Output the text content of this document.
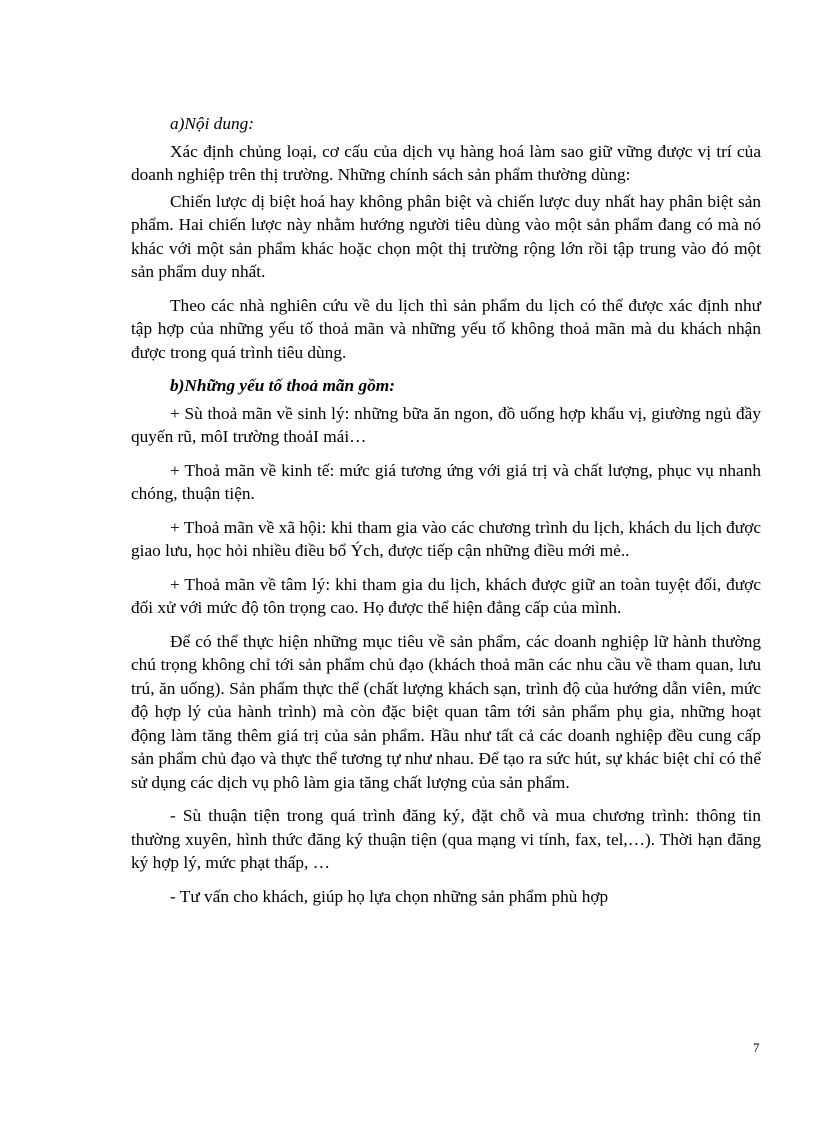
a)Nội dung:

Xác định chủng loại, cơ cấu của dịch vụ hàng hoá làm sao giữ vững được vị trí của doanh nghiệp trên thị trường. Những chính sách sản phẩm thường dùng:

Chiến lược dị biệt hoá hay không phân biệt và chiến lược duy nhất hay phân biệt sản phẩm. Hai chiến lược này nhằm hướng người tiêu dùng vào một sản phẩm đang có mà nó khác với một sản phẩm khác hoặc chọn một thị trường rộng lớn rồi tập trung vào đó một sản phẩm duy nhất.

Theo các nhà nghiên cứu về du lịch thì sản phẩm du lịch có thể được xác định như tập hợp của những yếu tố thoả mãn và những yếu tố không thoả mãn mà du khách nhận được trong quá trình tiêu dùng.

b)Những yếu tố thoả mãn gồm:

+ Sù thoả mãn về sinh lý: những bữa ăn ngon, đồ uống hợp khẩu vị, giường ngủ đầy quyến rũ, môI trường thoảI mái…

+ Thoả mãn về kinh tế: mức giá tương ứng với giá trị và chất lượng, phục vụ nhanh chóng, thuận tiện.

+ Thoả mãn về xã hội: khi tham gia vào các chương trình du lịch, khách du lịch được giao lưu, học hỏi nhiều điều bổ Ých, được tiếp cận những điều mới mẻ..

+ Thoả mãn về tâm lý: khi tham gia du lịch, khách được giữ an toàn tuyệt đối, được đối xử với mức độ tôn trọng cao. Họ được thể hiện đẳng cấp của mình.

Để có thể thực hiện những mục tiêu về sản phẩm, các doanh nghiệp lữ hành thường chú trọng không chỉ tới sản phẩm chủ đạo (khách thoả mãn các nhu cầu về tham quan, lưu trú, ăn uống). Sản phẩm thực thể (chất lượng khách sạn, trình độ của hướng dẫn viên, mức độ hợp lý của hành trình) mà còn đặc biệt quan tâm tới sản phẩm phụ gia, những hoạt động làm tăng thêm giá trị của sản phẩm. Hầu như tất cả các doanh nghiệp đều cung cấp sản phẩm chủ đạo và thực thể tương tự như nhau. Để tạo ra sức hút, sự khác biệt chỉ có thể sử dụng các dịch vụ phô làm gia tăng chất lượng của sản phẩm.

- Sù thuận tiện trong quá trình đăng ký, đặt chỗ và mua chương trình: thông tin thường xuyên, hình thức đăng ký thuận tiện (qua mạng vi tính, fax, tel,…). Thời hạn đăng ký hợp lý, mức phạt thấp, …

- Tư vấn cho khách, giúp họ lựa chọn những sản phẩm phù hợp

7
